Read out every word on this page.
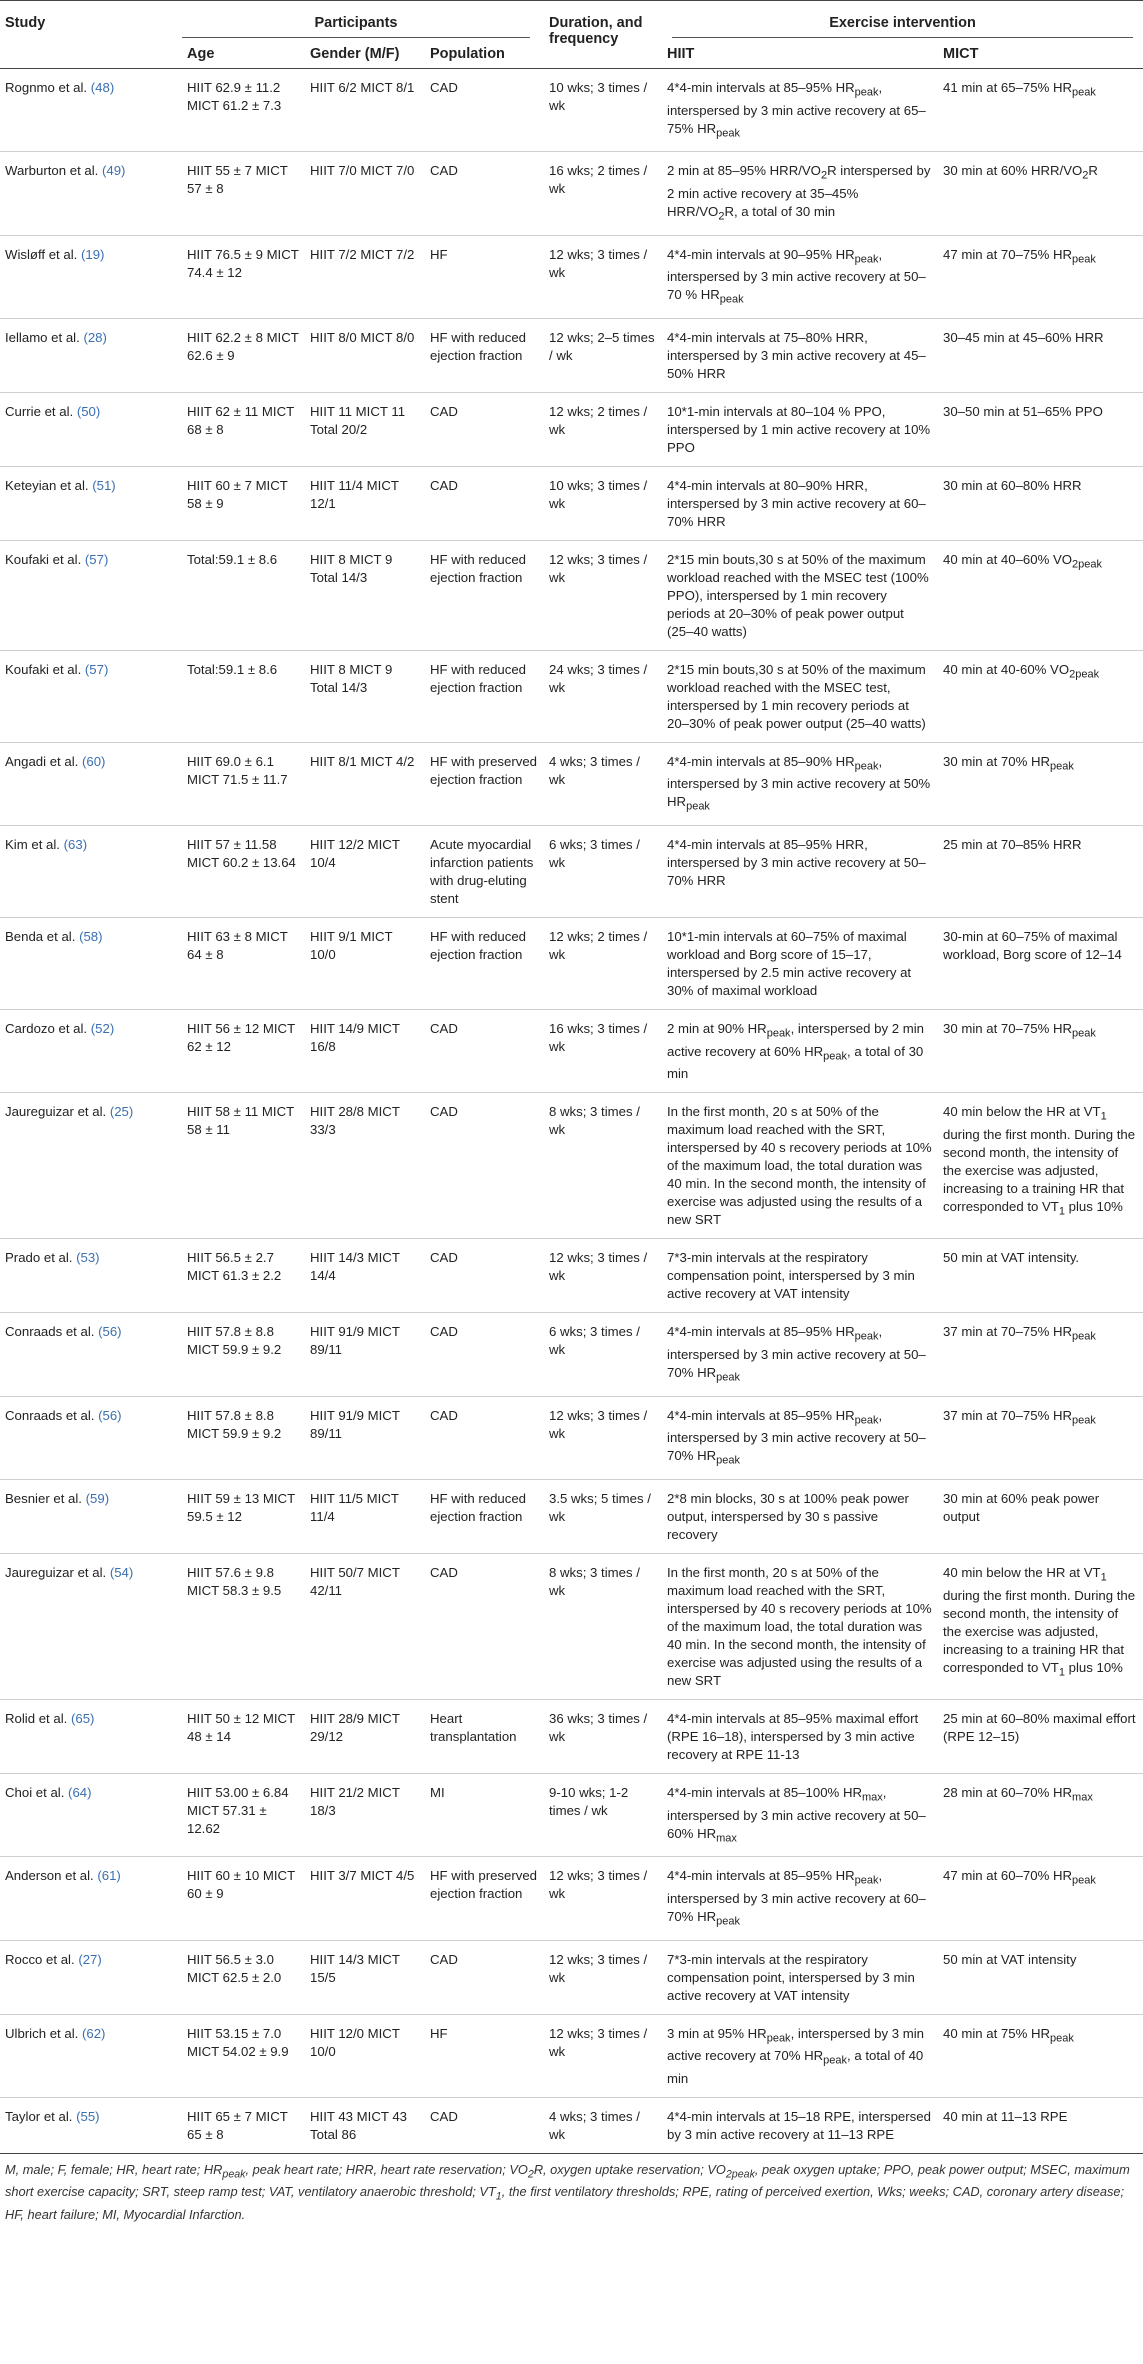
Study	Participants			Duration, and frequency	Exercise intervention	

	Age	Gender (M/F)	Population		HIIT	MICT
Rognmo et al. (48)	HIIT 62.9 ± 11.2 MICT 61.2 ± 7.3	HIIT 6/2 MICT 8/1	CAD	10 wks; 3 times / wk	4*4-min intervals at 85–95% $HR_{peak}$, interspersed by 3 min active recovery at 65–75% $HR_{peak}$	41 min at 65–75% $HR_{peak}$
Warburton et al. (49)	HIIT 55 ± 7 MICT 57 ± 8	HIIT 7/0 MICT 7/0	CAD	16 wks; 2 times / wk	2 min at 85–95% HRR/$VO_2R$ interspersed by 2 min active recovery at 35–45% HRR/$VO_2R$, a total of 30 min	30 min at 60% HRR/$VO_2R$
Wisløff et al. (19)	HIIT 76.5 ± 9 MICT 74.4 ± 12	HIIT 7/2 MICT 7/2	HF	12 wks; 3 times / wk	4*4-min intervals at 90–95% $HR_{peak}$, interspersed by 3 min active recovery at 50–70 % $HR_{peak}$	47 min at 70–75% $HR_{peak}$
Iellamo et al. (28)	HIIT 62.2 ± 8 MICT 62.6 ± 9	HIIT 8/0 MICT 8/0	HF with reduced ejection fraction	12 wks; 2–5 times / wk	4*4-min intervals at 75–80% HRR, interspersed by 3 min active recovery at 45–50% HRR	30–45 min at 45–60% HRR
Currie et al. (50)	HIIT 62 ± 11 MICT 68 ± 8	HIIT 11 MICT 11 Total 20/2	CAD	12 wks; 2 times / wk	10*1-min intervals at 80–104 % PPO, interspersed by 1 min active recovery at 10% PPO	30–50 min at 51–65% PPO
Keteyian et al. (51)	HIIT 60 ± 7 MICT 58 ± 9	HIIT 11/4 MICT 12/1	CAD	10 wks; 3 times / wk	4*4-min intervals at 80–90% HRR, interspersed by 3 min active recovery at 60–70% HRR	30 min at 60–80% HRR
Koufaki et al. (57)	Total:59.1 ± 8.6	HIIT 8 MICT 9 Total 14/3	HF with reduced ejection fraction	12 wks; 3 times / wk	2*15 min bouts,30 s at 50% of the maximum workload reached with the MSEC test (100% PPO), interspersed by 1 min recovery periods at 20–30% of peak power output (25–40 watts)	40 min at 40–60% $VO_{2peak}$
Koufaki et al. (57)	Total:59.1 ± 8.6	HIIT 8 MICT 9 Total 14/3	HF with reduced ejection fraction	24 wks; 3 times / wk	2*15 min bouts,30 s at 50% of the maximum workload reached with the MSEC test, interspersed by 1 min recovery periods at 20–30% of peak power output (25–40 watts)	40 min at 40-60% $VO_{2peak}$
Angadi et al. (60)	HIIT 69.0 ± 6.1 MICT 71.5 ± 11.7	HIIT 8/1 MICT 4/2	HF with preserved ejection fraction	4 wks; 3 times / wk	4*4-min intervals at 85–90% $HR_{peak}$, interspersed by 3 min active recovery at 50% $HR_{peak}$	30 min at 70% $HR_{peak}$
Kim et al. (63)	HIIT 57 ± 11.58 MICT 60.2 ± 13.64	HIIT 12/2 MICT 10/4	Acute myocardial infarction patients with drug-eluting stent	6 wks; 3 times / wk	4*4-min intervals at 85–95% HRR, interspersed by 3 min active recovery at 50–70% HRR	25 min at 70–85% HRR
Benda et al. (58)	HIIT 63 ± 8 MICT 64 ± 8	HIIT 9/1 MICT 10/0	HF with reduced ejection fraction	12 wks; 2 times / wk	10*1-min intervals at 60–75% of maximal workload and Borg score of 15–17, interspersed by 2.5 min active recovery at 30% of maximal workload	30-min at 60–75% of maximal workload, Borg score of 12–14
Cardozo et al. (52)	HIIT 56 ± 12 MICT 62 ± 12	HIIT 14/9 MICT 16/8	CAD	16 wks; 3 times / wk	2 min at 90% $HR_{peak}$, interspersed by 2 min active recovery at 60% $HR_{peak}$, a total of 30 min	30 min at 70–75% $HR_{peak}$
Jaureguizar et al. (25)	HIIT 58 ± 11 MICT 58 ± 11	HIIT 28/8 MICT 33/3	CAD	8 wks; 3 times / wk	In the first month, 20 s at 50% of the maximum load reached with the SRT, interspersed by 40 s recovery periods at 10% of the maximum load, the total duration was 40 min. In the second month, the intensity of exercise was adjusted using the results of a new SRT	40 min below the HR at $VT_1$ during the first month. During the second month, the intensity of the exercise was adjusted, increasing to a training HR that corresponded to $VT_1$ plus 10%
Prado et al. (53)	HIIT 56.5 ± 2.7 MICT 61.3 ± 2.2	HIIT 14/3 MICT 14/4	CAD	12 wks; 3 times / wk	7*3-min intervals at the respiratory compensation point, interspersed by 3 min active recovery at VAT intensity	50 min at VAT intensity.
Conraads et al. (56)	HIIT 57.8 ± 8.8 MICT 59.9 ± 9.2	HIIT 91/9 MICT 89/11	CAD	6 wks; 3 times / wk	4*4-min intervals at 85–95% $HR_{peak}$, interspersed by 3 min active recovery at 50–70% $HR_{peak}$	37 min at 70–75% $HR_{peak}$
Conraads et al. (56)	HIIT 57.8 ± 8.8 MICT 59.9 ± 9.2	HIIT 91/9 MICT 89/11	CAD	12 wks; 3 times / wk	4*4-min intervals at 85–95% $HR_{peak}$, interspersed by 3 min active recovery at 50–70% $HR_{peak}$	37 min at 70–75% $HR_{peak}$
Besnier et al. (59)	HIIT 59 ± 13 MICT 59.5 ± 12	HIIT 11/5 MICT 11/4	HF with reduced ejection fraction	3.5 wks; 5 times / wk	2*8 min blocks, 30 s at 100% peak power output, interspersed by 30 s passive recovery	30 min at 60% peak power output
Jaureguizar et al. (54)	HIIT 57.6 ± 9.8 MICT 58.3 ± 9.5	HIIT 50/7 MICT 42/11	CAD	8 wks; 3 times / wk	In the first month, 20 s at 50% of the maximum load reached with the SRT, interspersed by 40 s recovery periods at 10% of the maximum load, the total duration was 40 min. In the second month, the intensity of exercise was adjusted using the results of a new SRT	40 min below the HR at $VT_1$ during the first month. During the second month, the intensity of the exercise was adjusted, increasing to a training HR that corresponded to $VT_1$ plus 10%
Rolid et al. (65)	HIIT 50 ± 12 MICT 48 ± 14	HIIT 28/9 MICT 29/12	Heart transplantation	36 wks; 3 times / wk	4*4-min intervals at 85–95% maximal effort (RPE 16–18), interspersed by 3 min active recovery at RPE 11-13	25 min at 60–80% maximal effort (RPE 12–15)
Choi et al. (64)	HIIT 53.00 ± 6.84 MICT 57.31 ± 12.62	HIIT 21/2 MICT 18/3	MI	9-10 wks; 1-2 times / wk	4*4-min intervals at 85–100% $HR_{max}$, interspersed by 3 min active recovery at 50–60% $HR_{max}$	28 min at 60–70% $HR_{max}$
Anderson et al. (61)	HIIT 60 ± 10 MICT 60 ± 9	HIIT 3/7 MICT 4/5	HF with preserved ejection fraction	12 wks; 3 times / wk	4*4-min intervals at 85–95% $HR_{peak}$, interspersed by 3 min active recovery at 60–70% $HR_{peak}$	47 min at 60–70% $HR_{peak}$
Rocco et al. (27)	HIIT 56.5 ± 3.0 MICT 62.5 ± 2.0	HIIT 14/3 MICT 15/5	CAD	12 wks; 3 times / wk	7*3-min intervals at the respiratory compensation point, interspersed by 3 min active recovery at VAT intensity	50 min at VAT intensity
Ulbrich et al. (62)	HIIT 53.15 ± 7.0 MICT 54.02 ± 9.9	HIIT 12/0 MICT 10/0	HF	12 wks; 3 times / wk	3 min at 95% $HR_{peak}$, interspersed by 3 min active recovery at 70% $HR_{peak}$, a total of 40 min	40 min at 75% $HR_{peak}$
Taylor et al. (55)	HIIT 65 ± 7 MICT 65 ± 8	HIIT 43 MICT 43 Total 86	CAD	4 wks; 3 times / wk	4*4-min intervals at 15–18 RPE, interspersed by 3 min active recovery at 11–13 RPE	40 min at 11–13 RPE
M, male; F, female; HR, heart rate; $HR_{peak}$, peak heart rate; HRR, heart rate reservation; $VO_2R$, oxygen uptake reservation; $VO_{2peak}$, peak oxygen uptake; PPO, peak power output; MSEC, maximum short exercise capacity; SRT, steep ramp test; VAT, ventilatory anaerobic threshold; $VT_1$, the first ventilatory thresholds; RPE, rating of perceived exertion, Wks; weeks; CAD, coronary artery disease; HF, heart failure; MI, Myocardial Infarction.
